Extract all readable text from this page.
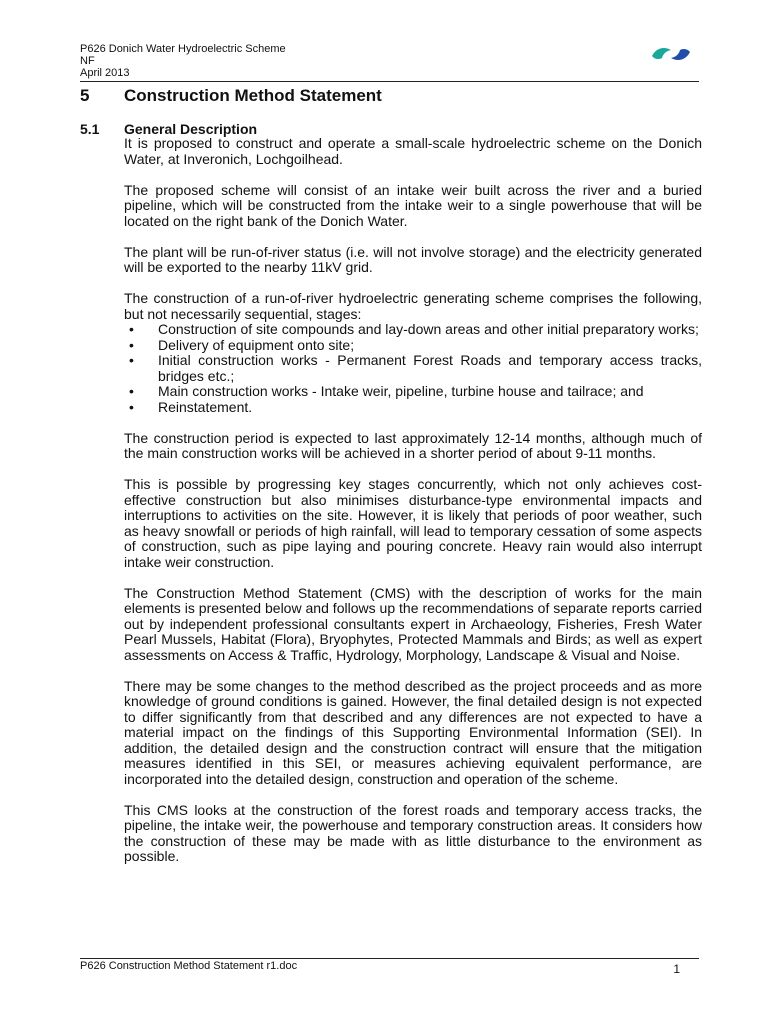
P626 Donich Water Hydroelectric Scheme
NF
April 2013
5 Construction Method Statement
5.1 General Description

It is proposed to construct and operate a small-scale hydroelectric scheme on the Donich Water, at Inveronich, Lochgoilhead.

The proposed scheme will consist of an intake weir built across the river and a buried pipeline, which will be constructed from the intake weir to a single powerhouse that will be located on the right bank of the Donich Water.

The plant will be run-of-river status (i.e. will not involve storage) and the electricity generated will be exported to the nearby 11kV grid.

The construction of a run-of-river hydroelectric generating scheme comprises the following, but not necessarily sequential, stages:

• Construction of site compounds and lay-down areas and other initial preparatory works;
• Delivery of equipment onto site;
• Initial construction works - Permanent Forest Roads and temporary access tracks, bridges etc.;
• Main construction works - Intake weir, pipeline, turbine house and tailrace; and
• Reinstatement.

The construction period is expected to last approximately 12-14 months, although much of the main construction works will be achieved in a shorter period of about 9-11 months.

This is possible by progressing key stages concurrently, which not only achieves cost-effective construction but also minimises disturbance-type environmental impacts and interruptions to activities on the site. However, it is likely that periods of poor weather, such as heavy snowfall or periods of high rainfall, will lead to temporary cessation of some aspects of construction, such as pipe laying and pouring concrete. Heavy rain would also interrupt intake weir construction.

The Construction Method Statement (CMS) with the description of works for the main elements is presented below and follows up the recommendations of separate reports carried out by independent professional consultants expert in Archaeology, Fisheries, Fresh Water Pearl Mussels, Habitat (Flora), Bryophytes, Protected Mammals and Birds; as well as expert assessments on Access & Traffic, Hydrology, Morphology, Landscape & Visual and Noise.

There may be some changes to the method described as the project proceeds and as more knowledge of ground conditions is gained. However, the final detailed design is not expected to differ significantly from that described and any differences are not expected to have a material impact on the findings of this Supporting Environmental Information (SEI). In addition, the detailed design and the construction contract will ensure that the mitigation measures identified in this SEI, or measures achieving equivalent performance, are incorporated into the detailed design, construction and operation of the scheme.

This CMS looks at the construction of the forest roads and temporary access tracks, the pipeline, the intake weir, the powerhouse and temporary construction areas. It considers how the construction of these may be made with as little disturbance to the environment as possible.

P626 Construction Method Statement r1.doc	1
